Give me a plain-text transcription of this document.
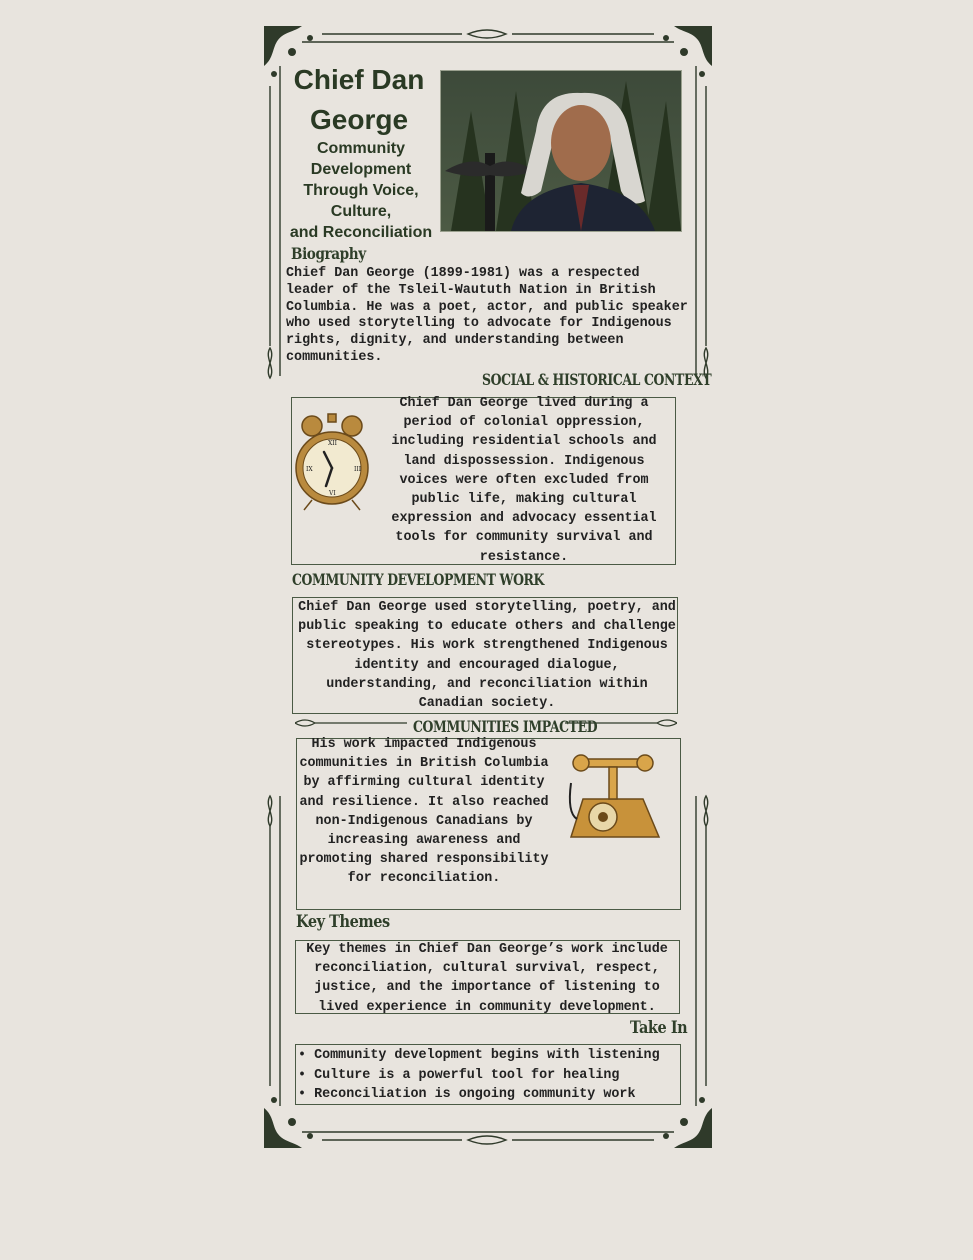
Chief Dan George
Community
Development
Through Voice,
Culture,
and Reconciliation
Biography
Chief Dan George (1899-1981) was a respected leader of the Tsleil-Waututh Nation in British Columbia. He was a poet, actor, and public speaker who used storytelling to advocate for Indigenous rights, dignity, and understanding between communities.
SOCIAL & HISTORICAL CONTEXT
XII
III
VI
IX
Chief Dan George lived during a period of colonial oppression, including residential schools and land dispossession. Indigenous voices were often excluded from public life, making cultural expression and advocacy essential tools for community survival and resistance.
COMMUNITY DEVELOPMENT WORK
Chief Dan George used storytelling, poetry, and public speaking to educate others and challenge stereotypes. His work strengthened Indigenous identity and encouraged dialogue, understanding, and reconciliation within Canadian society.
COMMUNITIES IMPACTED
His work impacted Indigenous communities in British Columbia by affirming cultural identity and resilience. It also reached non-Indigenous Canadians by increasing awareness and promoting shared responsibility for reconciliation.
Key Themes
Key themes in Chief Dan George’s work include reconciliation, cultural survival, respect, justice, and the importance of listening to lived experience in community development.
Take In
• Community development begins with listening
• Culture is a powerful tool for healing
• Reconciliation is ongoing community work
